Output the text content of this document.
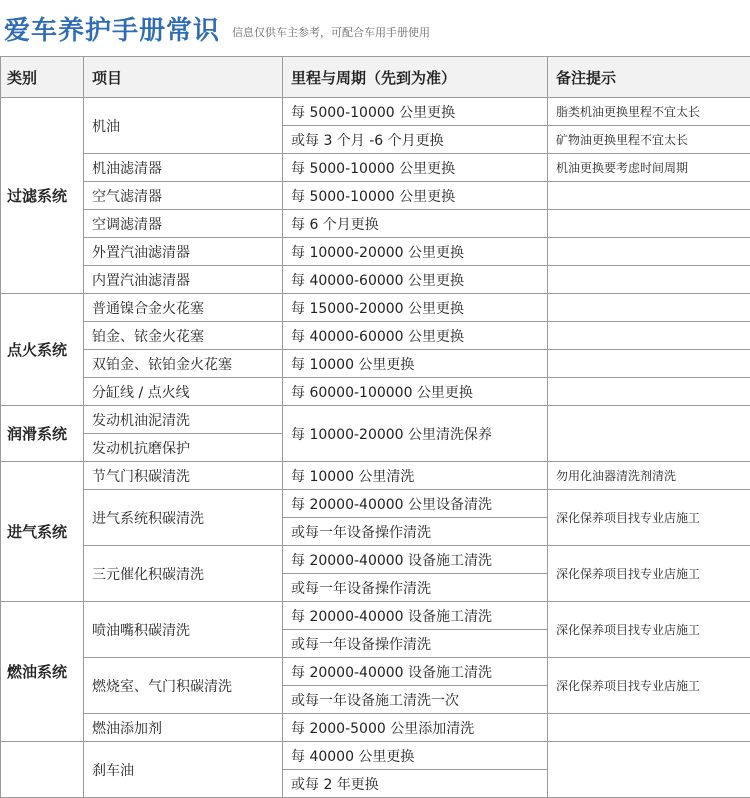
爱车养护手册常识 信息仅供车主参考，可配合车用手册使用
类别	项目	里程与周期（先到为准）	备注提示
过滤系统	机油	每 5000-10000 公里更换	脂类机油更换里程不宜太长
		或每 3 个月 -6 个月更换	矿物油更换里程不宜太长
	机油滤清器	每 5000-10000 公里更换	机油更换要考虑时间周期
	空气滤清器	每 5000-10000 公里更换	
	空调滤清器	每 6 个月更换	
	外置汽油滤清器	每 10000-20000 公里更换	
	内置汽油滤清器	每 40000-60000 公里更换	
点火系统	普通镍合金火花塞	每 15000-20000 公里更换	
	铂金、铱金火花塞	每 40000-60000 公里更换	
	双铂金、铱铂金火花塞	每 10000 公里更换	
	分缸线 / 点火线	每 60000-100000 公里更换	
润滑系统	发动机油泥清洗	每 10000-20000 公里清洗保养	
	发动机抗磨保护		
进气系统	节气门积碳清洗	每 10000 公里清洗	勿用化油器清洗剂清洗
	进气系统积碳清洗	每 20000-40000 公里设备清洗	深化保养项目找专业店施工
		或每一年设备操作清洗	
	三元催化积碳清洗	每 20000-40000 设备施工清洗	深化保养项目找专业店施工
		或每一年设备操作清洗	
燃油系统	喷油嘴积碳清洗	每 20000-40000 设备施工清洗	深化保养项目找专业店施工
		或每一年设备操作清洗	
	燃烧室、气门积碳清洗	每 20000-40000 设备施工清洗	深化保养项目找专业店施工
		或每一年设备施工清洗一次	
	燃油添加剂	每 2000-5000 公里添加清洗	
	刹车油	每 40000 公里更换	
		或每 2 年更换	
